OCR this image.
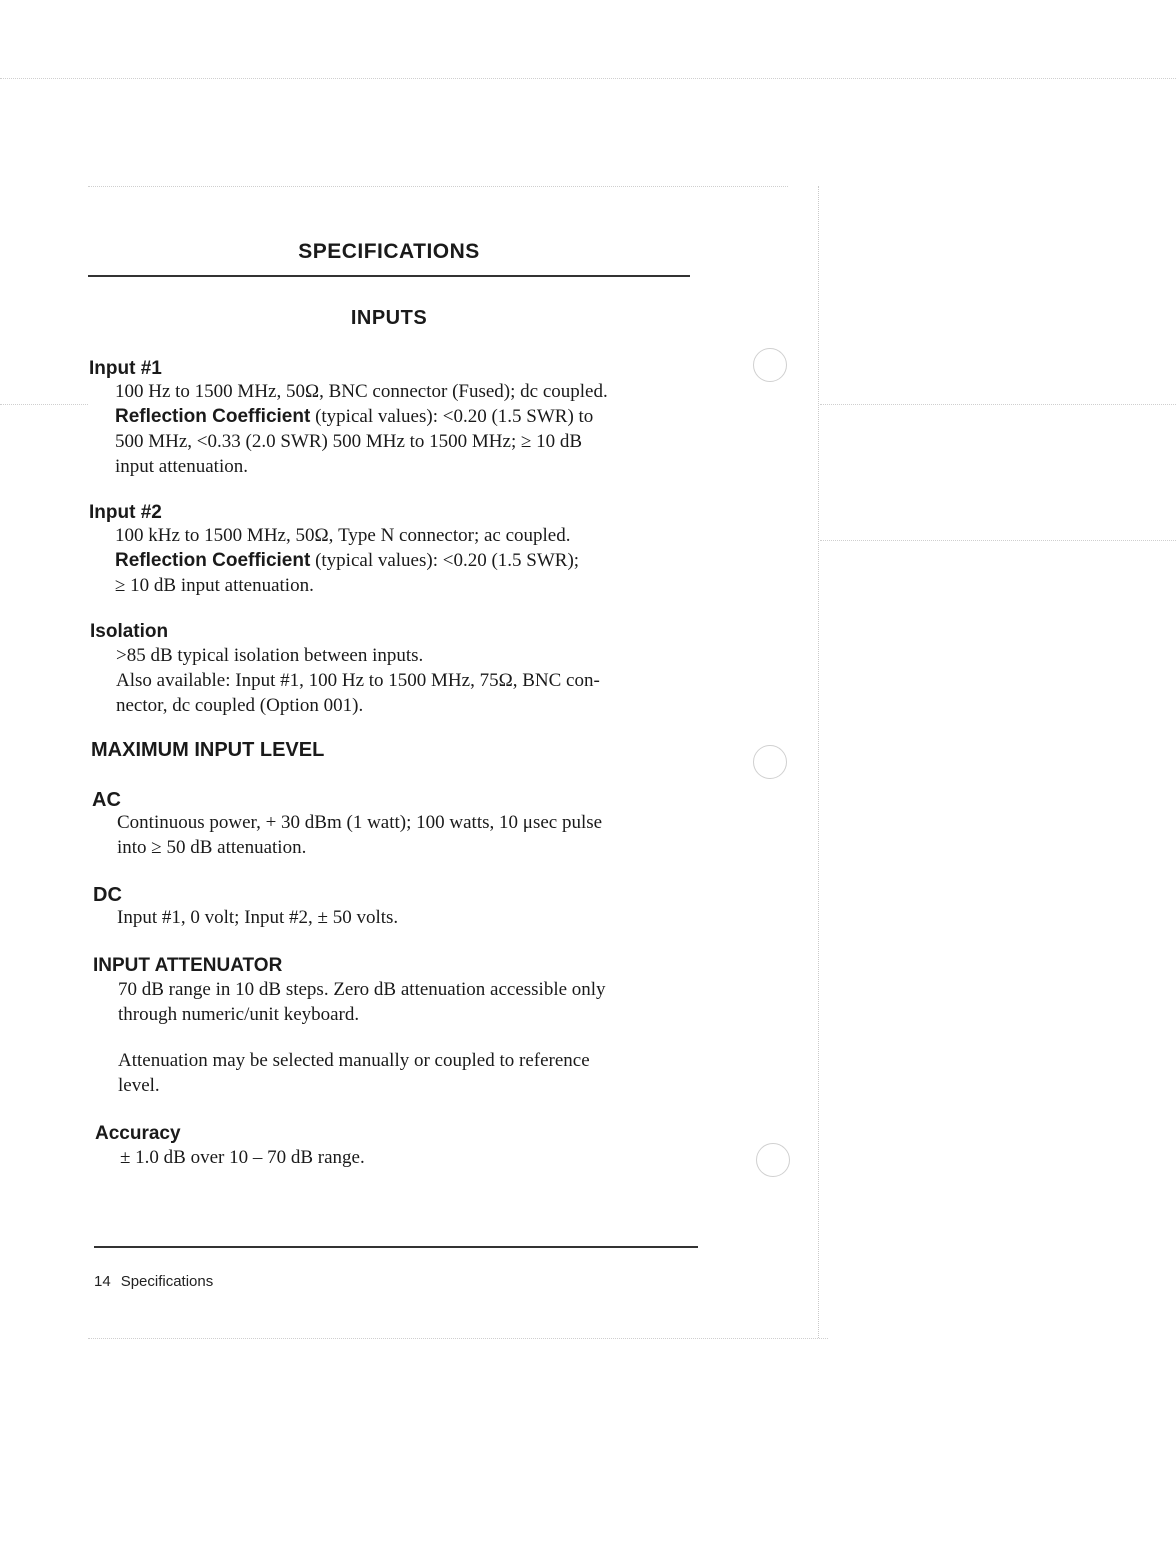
SPECIFICATIONS
INPUTS
Input #1
100 Hz to 1500 MHz, 50Ω, BNC connector (Fused); dc coupled.
Reflection Coefficient (typical values): <0.20 (1.5 SWR) to
500 MHz, <0.33 (2.0 SWR) 500 MHz to 1500 MHz; ≥ 10 dB
input attenuation.
Input #2
100 kHz to 1500 MHz, 50Ω, Type N connector; ac coupled.
Reflection Coefficient (typical values): <0.20 (1.5 SWR);
≥ 10 dB input attenuation.
Isolation
>85 dB typical isolation between inputs.
Also available: Input #1, 100 Hz to 1500 MHz, 75Ω, BNC con-
nector, dc coupled (Option 001).
MAXIMUM INPUT LEVEL
AC
Continuous power, + 30 dBm (1 watt); 100 watts, 10 μsec pulse
into ≥ 50 dB attenuation.
DC
Input #1, 0 volt; Input #2, ± 50 volts.
INPUT ATTENUATOR
70 dB range in 10 dB steps. Zero dB attenuation accessible only
through numeric/unit keyboard.
Attenuation may be selected manually or coupled to reference
level.
Accuracy
± 1.0 dB over 10 – 70 dB range.
14 Specifications
